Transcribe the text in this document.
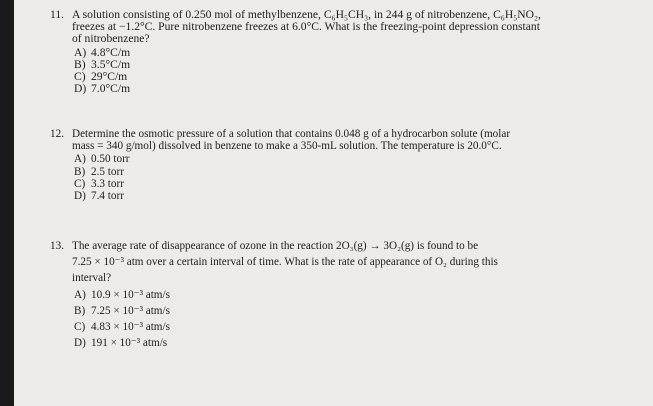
11. A solution consisting of 0.250 mol of methylbenzene, C₆H₅CH₃, in 244 g of nitrobenzene, C₆H₅NO₂,
freezes at −1.2°C. Pure nitrobenzene freezes at 6.0°C. What is the freezing-point depression constant
of nitrobenzene?
A) 4.8°C/m
B) 3.5°C/m
C) 29°C/m
D) 7.0°C/m
12. Determine the osmotic pressure of a solution that contains 0.048 g of a hydrocarbon solute (molar
mass = 340 g/mol) dissolved in benzene to make a 350-mL solution. The temperature is 20.0°C.
A) 0.50 torr
B) 2.5 torr
C) 3.3 torr
D) 7.4 torr
13. The average rate of disappearance of ozone in the reaction 2O₃(g) → 3O₂(g) is found to be
7.25 × 10⁻³ atm over a certain interval of time. What is the rate of appearance of O₂ during this
interval?
A) 10.9 × 10⁻³ atm/s
B) 7.25 × 10⁻³ atm/s
C) 4.83 × 10⁻³ atm/s
D) 191 × 10⁻³ atm/s
